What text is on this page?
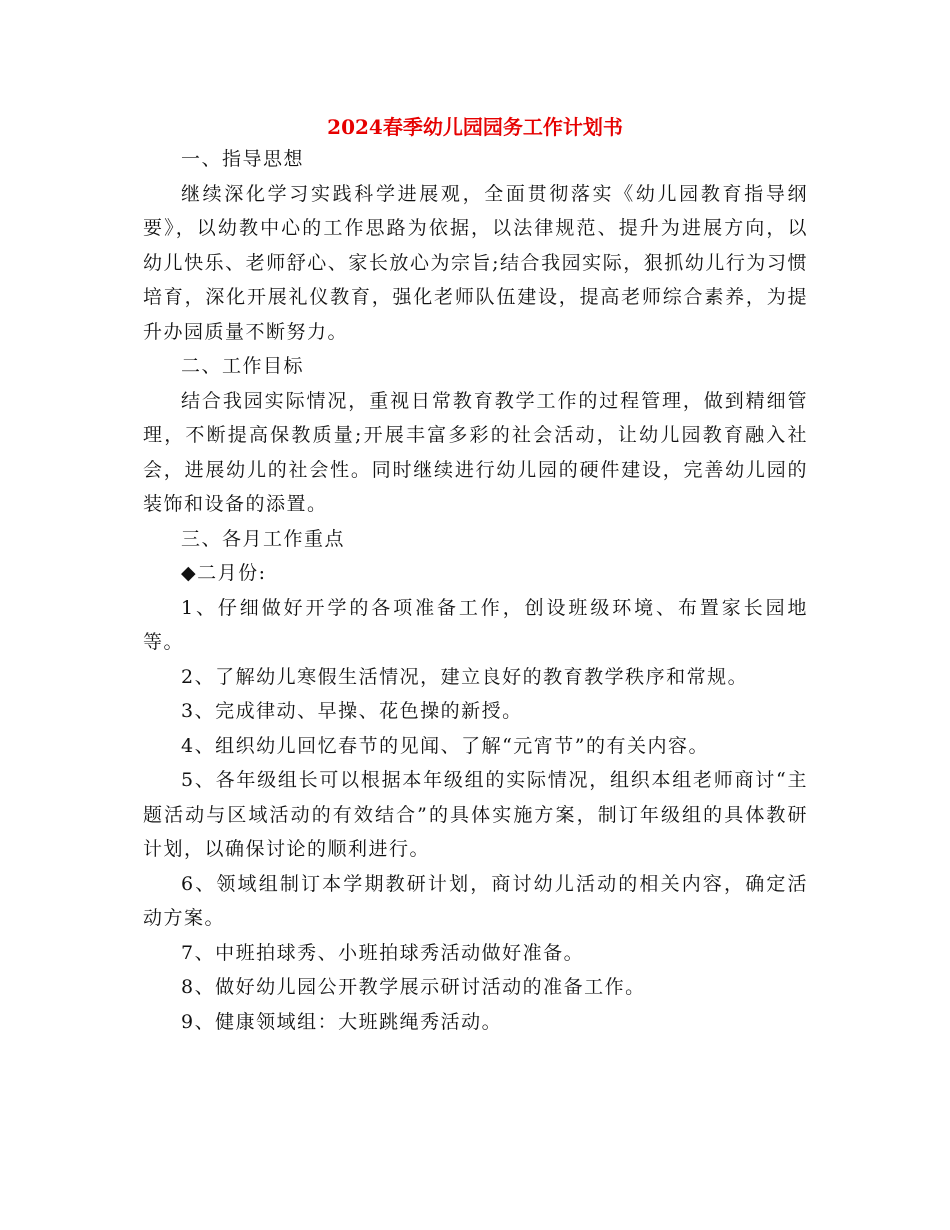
2024春季幼儿园园务工作计划书

一、指导思想

继续深化学习实践科学进展观，全面贯彻落实《幼儿园教育指导纲要》，以幼教中心的工作思路为依据，以法律规范、提升为进展方向，以幼儿快乐、老师舒心、家长放心为宗旨;结合我园实际，狠抓幼儿行为习惯培育，深化开展礼仪教育，强化老师队伍建设，提高老师综合素养，为提升办园质量不断努力。

二、工作目标

结合我园实际情况，重视日常教育教学工作的过程管理，做到精细管理，不断提高保教质量;开展丰富多彩的社会活动，让幼儿园教育融入社会，进展幼儿的社会性。同时继续进行幼儿园的硬件建设，完善幼儿园的装饰和设备的添置。

三、各月工作重点

◆二月份:

1、仔细做好开学的各项准备工作，创设班级环境、布置家长园地等。

2、了解幼儿寒假生活情况，建立良好的教育教学秩序和常规。

3、完成律动、早操、花色操的新授。

4、组织幼儿回忆春节的见闻、了解“元宵节”的有关内容。

5、各年级组长可以根据本年级组的实际情况，组织本组老师商讨“主题活动与区域活动的有效结合”的具体实施方案，制订年级组的具体教研计划，以确保讨论的顺利进行。

6、领域组制订本学期教研计划，商讨幼儿活动的相关内容，确定活动方案。

7、中班拍球秀、小班拍球秀活动做好准备。

8、做好幼儿园公开教学展示研讨活动的准备工作。

9、健康领域组：大班跳绳秀活动。
